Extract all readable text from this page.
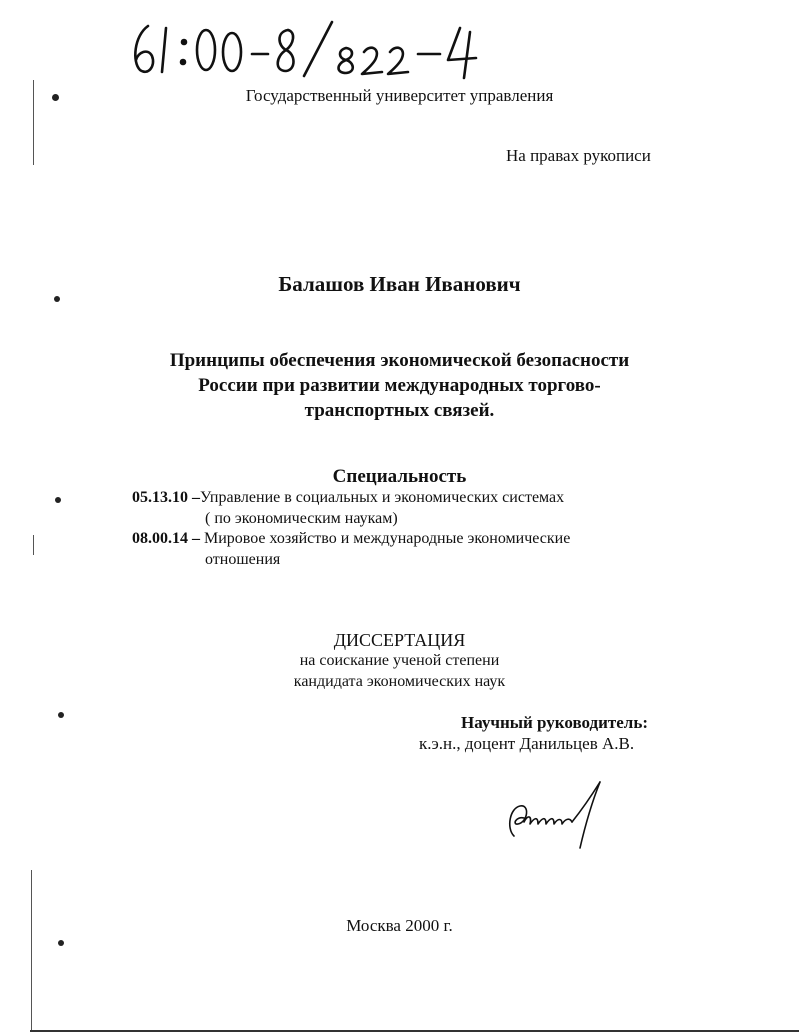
Государственный университет управления
На правах рукописи
Балашов Иван Иванович
Принципы обеспечения экономической безопасности
России при развитии международных торгово-
транспортных связей.
Специальность
05.13.10 –Управление в социальных и экономических системах
( по экономическим наукам)
08.00.14 – Мировое хозяйство и международные экономические
отношения
ДИССЕРТАЦИЯ
на соискание ученой степени
кандидата экономических наук
Научный руководитель:
к.э.н., доцент Данильцев А.В.
Москва 2000 г.
